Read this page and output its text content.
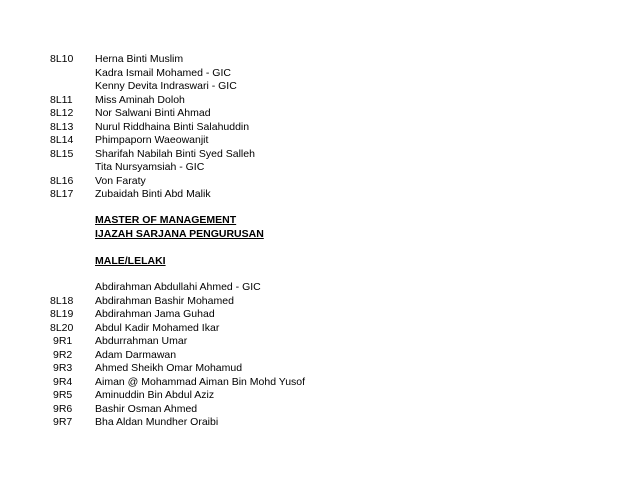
8L10 Herna Binti Muslim
Kadra Ismail Mohamed - GIC
Kenny Devita Indraswari - GIC
8L11 Miss Aminah Doloh
8L12 Nor Salwani Binti Ahmad
8L13 Nurul Riddhaina Binti Salahuddin
8L14 Phimpaporn Waeowanjit
8L15 Sharifah Nabilah Binti Syed Salleh
Tita Nursyamsiah - GIC
8L16 Von Faraty
8L17 Zubaidah Binti Abd Malik
MASTER OF MANAGEMENT
IJAZAH SARJANA PENGURUSAN
MALE/LELAKI
Abdirahman Abdullahi Ahmed - GIC
8L18 Abdirahman Bashir Mohamed
8L19 Abdirahman Jama Guhad
8L20 Abdul Kadir Mohamed Ikar
9R1 Abdurrahman Umar
9R2 Adam Darmawan
9R3 Ahmed Sheikh Omar Mohamud
9R4 Aiman @ Mohammad Aiman Bin Mohd Yusof
9R5 Aminuddin Bin Abdul Aziz
9R6 Bashir Osman Ahmed
9R7 Bha Aldan Mundher Oraibi
